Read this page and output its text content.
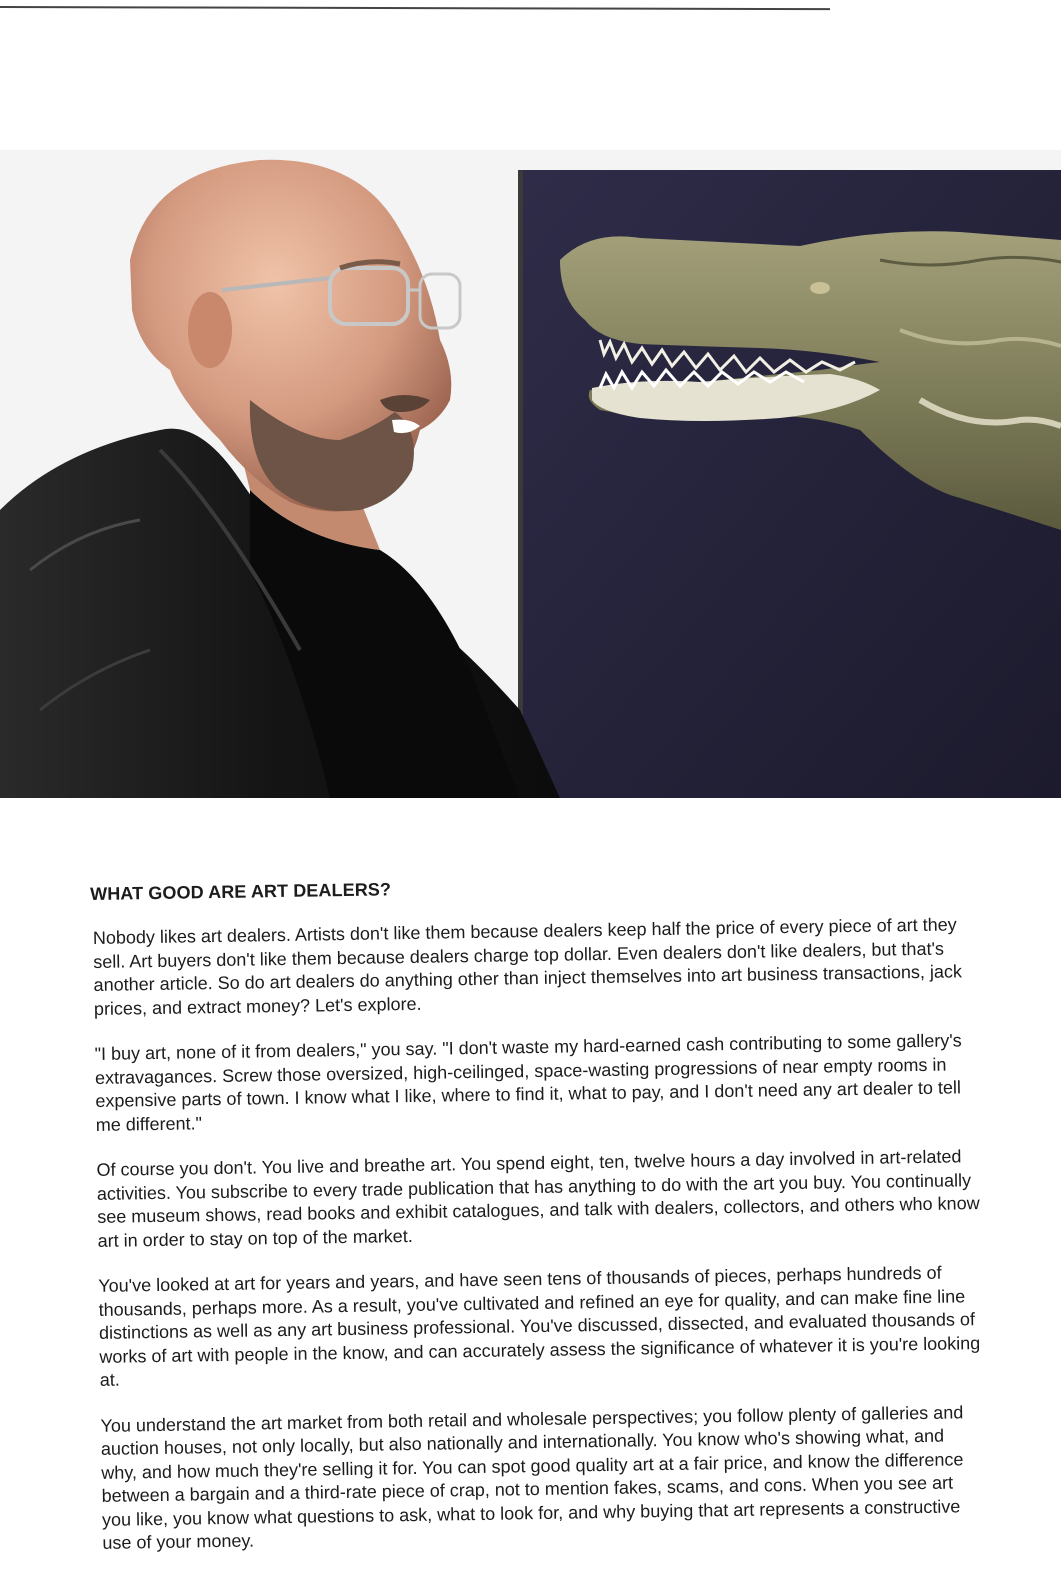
WHAT GOOD ARE ART DEALERS?

Nobody likes art dealers. Artists don't like them because dealers keep half the price of every piece of art they sell. Art buyers don't like them because dealers charge top dollar. Even dealers don't like dealers, but that's another article. So do art dealers do anything other than inject themselves into art business transactions, jack prices, and extract money? Let's explore.

"I buy art, none of it from dealers," you say. "I don't waste my hard-earned cash contributing to some gallery's extravagances. Screw those oversized, high-ceilinged, space-wasting progressions of near empty rooms in expensive parts of town. I know what I like, where to find it, what to pay, and I don't need any art dealer to tell me different."

Of course you don't. You live and breathe art. You spend eight, ten, twelve hours a day involved in art-related activities. You subscribe to every trade publication that has anything to do with the art you buy. You continually see museum shows, read books and exhibit catalogues, and talk with dealers, collectors, and others who know art in order to stay on top of the market.

You've looked at art for years and years, and have seen tens of thousands of pieces, perhaps hundreds of thousands, perhaps more. As a result, you've cultivated and refined an eye for quality, and can make fine line distinctions as well as any art business professional. You've discussed, dissected, and evaluated thousands of works of art with people in the know, and can accurately assess the significance of whatever it is you're looking at.

You understand the art market from both retail and wholesale perspectives; you follow plenty of galleries and auction houses, not only locally, but also nationally and internationally. You know who's showing what, and why, and how much they're selling it for. You can spot good quality art at a fair price, and know the difference between a bargain and a third-rate piece of crap, not to mention fakes, scams, and cons. When you see art you like, you know what questions to ask, what to look for, and why buying that art represents a constructive use of your money.
